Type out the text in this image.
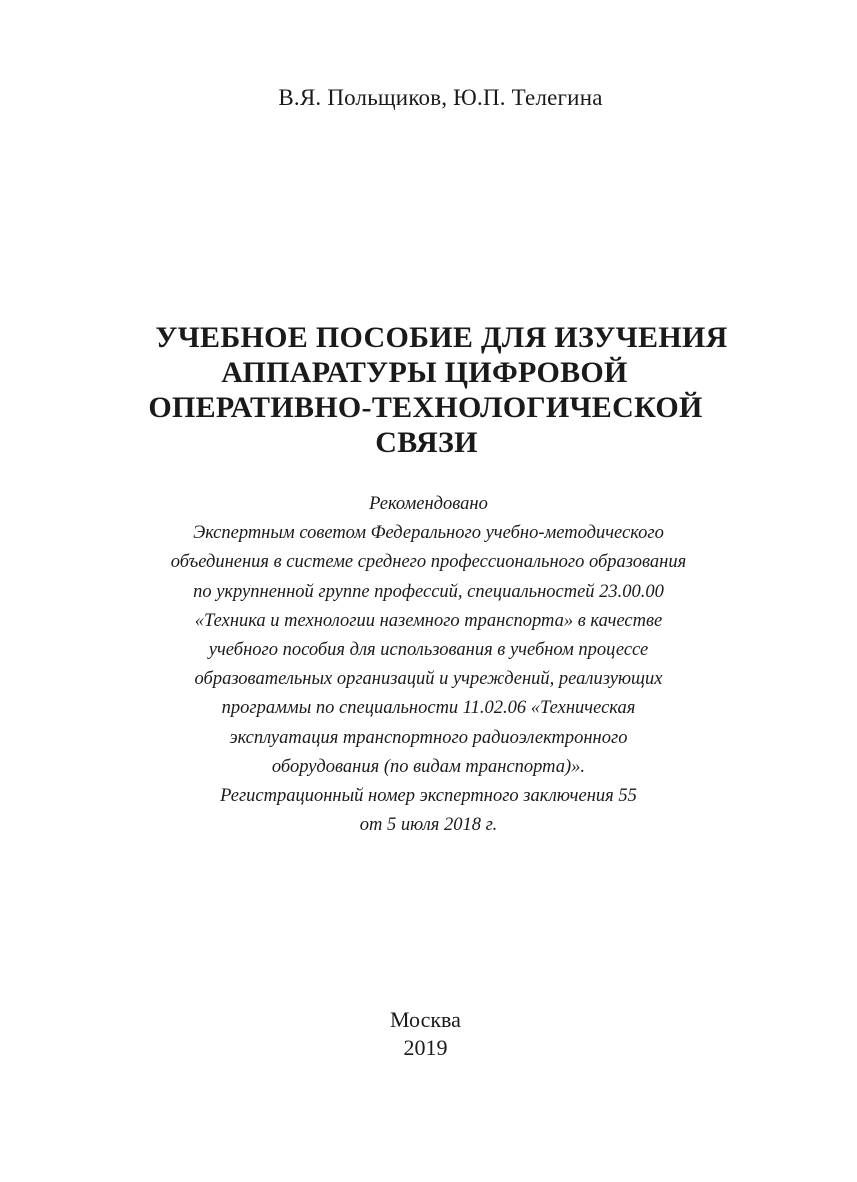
В.Я. Польщиков, Ю.П. Телегина
УЧЕБНОЕ ПОСОБИЕ ДЛЯ ИЗУЧЕНИЯ
АППАРАТУРЫ ЦИФРОВОЙ
ОПЕРАТИВНО-ТЕХНОЛОГИЧЕСКОЙ
СВЯЗИ
Рекомендовано
Экспертным советом Федерального учебно-методического
объединения в системе среднего профессионального образования
по укрупненной группе профессий, специальностей 23.00.00
«Техника и технологии наземного транспорта» в качестве
учебного пособия для использования в учебном процессе
образовательных организаций и учреждений, реализующих
программы по специальности 11.02.06 «Техническая
эксплуатация транспортного радиоэлектронного
оборудования (по видам транспорта)».
Регистрационный номер экспертного заключения 55
от 5 июля 2018 г.
Москва
2019
